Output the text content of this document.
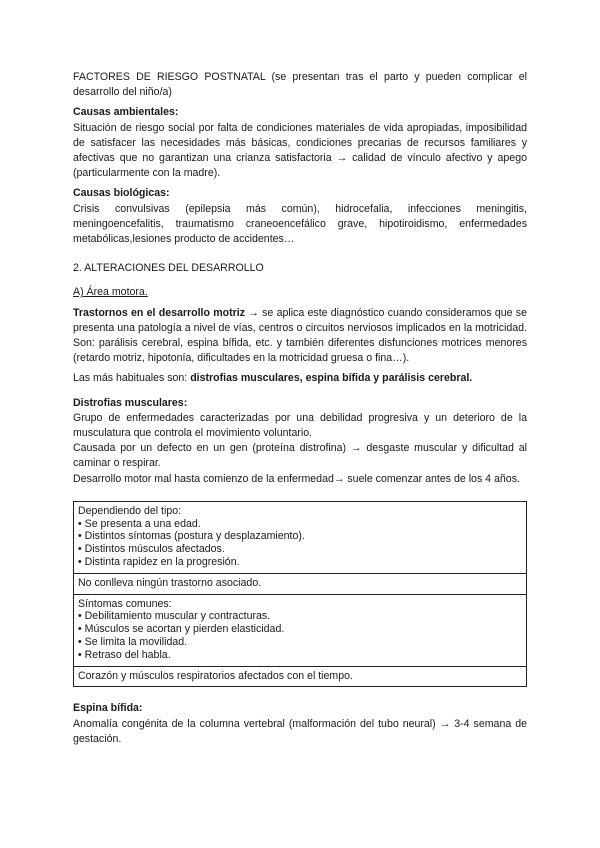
FACTORES DE RIESGO POSTNATAL (se presentan tras el parto y pueden complicar el desarrollo del niño/a)

Causas ambientales:

Situación de riesgo social por falta de condiciones materiales de vida apropiadas, imposibilidad de satisfacer las necesidades más básicas, condiciones precarias de recursos familiares y afectivas que no garantizan una crianza satisfactoria → calidad de vínculo afectivo y apego (particularmente con la madre).

Causas biológicas:

Crisis convulsivas (epilepsia más común), hidrocefalia, infecciones meningitis, meningoencefalitis, traumatismo craneoencefálico grave, hipotiroidismo, enfermedades metabólicas,lesiones producto de accidentes…

2. ALTERACIONES DEL DESARROLLO

A) Área motora.

Trastornos en el desarrollo motriz → se aplica este diagnóstico cuando consideramos que se presenta una patología a nivel de vías, centros o circuitos nerviosos implicados en la motricidad. Son: parálisis cerebral, espina bífida, etc. y también diferentes disfunciones motrices menores (retardo motriz, hipotonía, dificultades en la motricidad gruesa o fina…).

Las más habituales son: distrofias musculares, espina bífida y parálisis cerebral.

Distrofias musculares:

Grupo de enfermedades caracterizadas por una debilidad progresiva y un deterioro de la musculatura que controla el movimiento voluntario.

Causada por un defecto en un gen (proteína distrofina) → desgaste muscular y dificultad al caminar o respirar.

Desarrollo motor mal hasta comienzo de la enfermedad→ suele comenzar antes de los 4 años.

Dependiendo del tipo:
• Se presenta a una edad.
• Distintos síntomas (postura y desplazamiento).
• Distintos músculos afectados.
• Distinta rapidez en la progresión.

No conlleva ningún trastorno asociado.

Síntomas comunes:
• Debilitamiento muscular y contracturas.
• Músculos se acortan y pierden elasticidad.
• Se limita la movilidad.
• Retraso del habla.

Corazón y músculos respiratorios afectados con el tiempo.

Espina bífida:

Anomalía congénita de la columna vertebral (malformación del tubo neural) → 3-4 semana de gestación.
